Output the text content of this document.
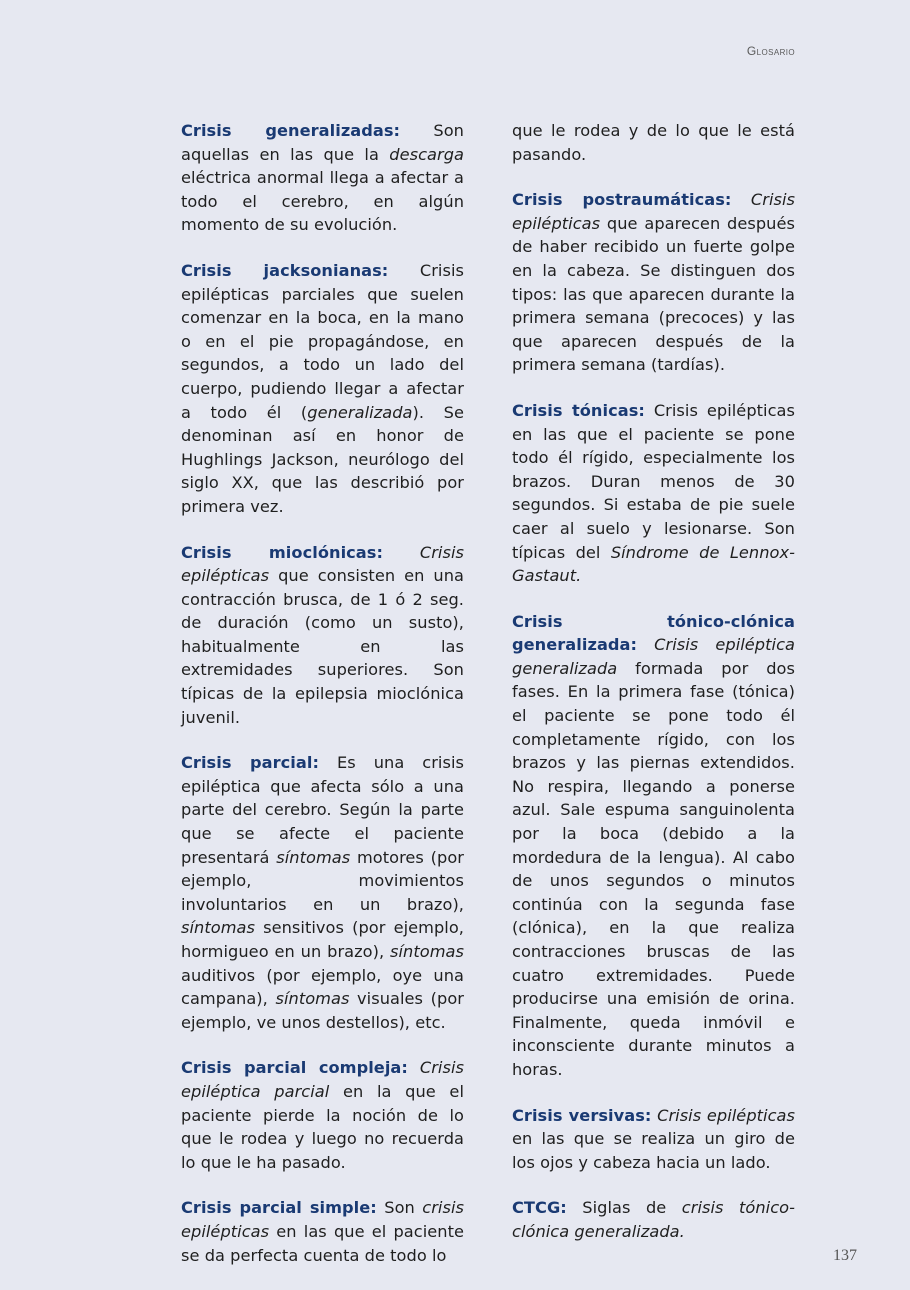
Glosario

Crisis generalizadas: Son aquellas en las que la descarga eléctrica anormal llega a afectar a todo el cerebro, en algún momento de su evolución.

Crisis jacksonianas: Crisis epilépticas parciales que suelen comenzar en la boca, en la mano o en el pie propagándose, en segundos, a todo un lado del cuerpo, pudiendo llegar a afectar a todo él (generalizada). Se denominan así en honor de Hughlings Jackson, neurólogo del siglo XX, que las describió por primera vez.

Crisis mioclónicas: Crisis epilépticas que consisten en una contracción brusca, de 1 ó 2 seg. de duración (como un susto), habitualmente en las extremidades superiores. Son típicas de la epilepsia mioclónica juvenil.

Crisis parcial: Es una crisis epiléptica que afecta sólo a una parte del cerebro. Según la parte que se afecte el paciente presentará síntomas motores (por ejemplo, movimientos involuntarios en un brazo), síntomas sensitivos (por ejemplo, hormigueo en un brazo), síntomas auditivos (por ejemplo, oye una campana), síntomas visuales (por ejemplo, ve unos destellos), etc.

Crisis parcial compleja: Crisis epiléptica parcial en la que el paciente pierde la noción de lo que le rodea y luego no recuerda lo que le ha pasado.

Crisis parcial simple: Son crisis epilépticas en las que el paciente se da perfecta cuenta de todo lo

que le rodea y de lo que le está pasando.

Crisis postraumáticas: Crisis epilépticas que aparecen después de haber recibido un fuerte golpe en la cabeza. Se distinguen dos tipos: las que aparecen durante la primera semana (precoces) y las que aparecen después de la primera semana (tardías).

Crisis tónicas: Crisis epilépticas en las que el paciente se pone todo él rígido, especialmente los brazos. Duran menos de 30 segundos. Si estaba de pie suele caer al suelo y lesionarse. Son típicas del Síndrome de Lennox-Gastaut.

Crisis tónico-clónica generalizada: Crisis epiléptica generalizada formada por dos fases. En la primera fase (tónica) el paciente se pone todo él completamente rígido, con los brazos y las piernas extendidos. No respira, llegando a ponerse azul. Sale espuma sanguinolenta por la boca (debido a la mordedura de la lengua). Al cabo de unos segundos o minutos continúa con la segunda fase (clónica), en la que realiza contracciones bruscas de las cuatro extremidades. Puede producirse una emisión de orina. Finalmente, queda inmóvil e inconsciente durante minutos a horas.

Crisis versivas: Crisis epilépticas en las que se realiza un giro de los ojos y cabeza hacia un lado.

CTCG: Siglas de crisis tónico-clónica generalizada.

137
